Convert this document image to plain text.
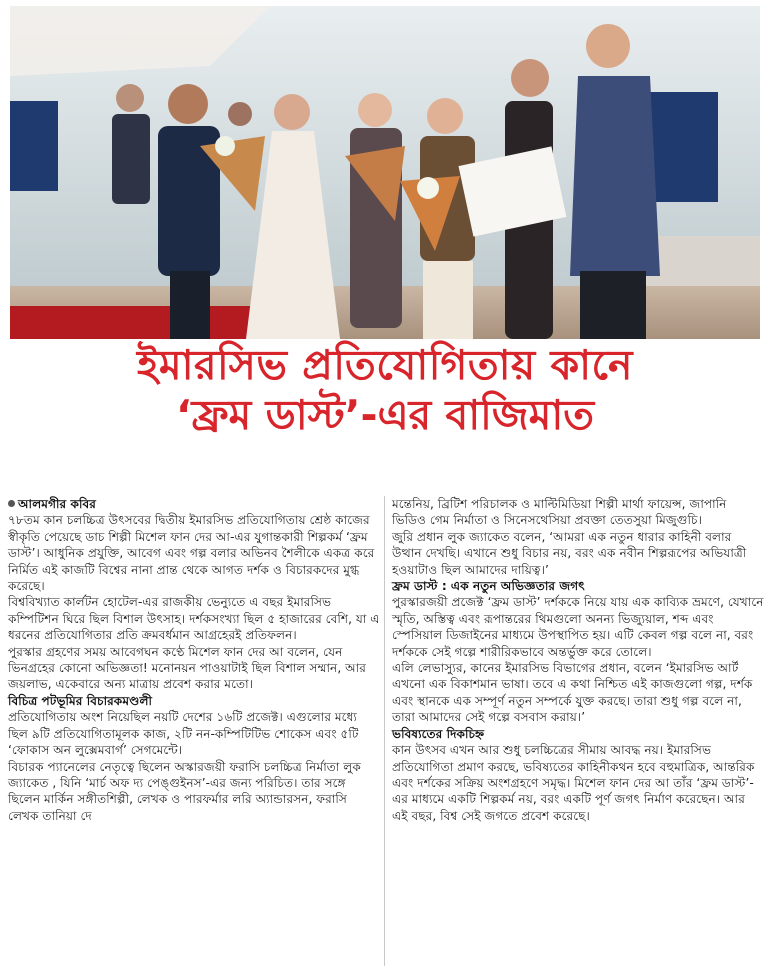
ইমারসিভ প্রতিযোগিতায় কানে
‘ফ্রম ডাস্ট’-এর বাজিমাত

আলমগীর কবির

৭৮তম কান চলচ্চিত্র উৎসবের দ্বিতীয় ইমারসিভ প্রতিযোগিতায় শ্রেষ্ঠ কাজের স্বীকৃতি পেয়েছে ডাচ শিল্পী মিশেল ফান দের আ-এর যুগান্তকারী শিল্পকর্ম ‘ফ্রম ডাস্ট’। আধুনিক প্রযুক্তি, আবেগ এবং গল্প বলার অভিনব শৈলীকে একত্র করে নির্মিত এই কাজটি বিশ্বের নানা প্রান্ত থেকে আগত দর্শক ও বিচারকদের মুগ্ধ করেছে।

বিশ্ববিখ্যাত কার্লটন হোটেল-এর রাজকীয় ভেন্যুতে এ বছর ইমারসিভ কম্পিটিশন ঘিরে ছিল বিশাল উৎসাহ। দর্শকসংখ্যা ছিল ৫ হাজারের বেশি, যা এ ধরনের প্রতিযোগিতার প্রতি ক্রমবর্ধমান আগ্রহেরই প্রতিফলন।

পুরস্কার গ্রহণের সময় আবেগঘন কণ্ঠে মিশেল ফান দের আ বলেন, যেন ভিনগ্রহের কোনো অভিজ্ঞতা! মনোনয়ন পাওয়াটাই ছিল বিশাল সম্মান, আর জয়লাভ, একেবারে অন্য মাত্রায় প্রবেশ করার মতো।

বিচিত্র পটভূমির বিচারকমণ্ডলী

প্রতিযোগিতায় অংশ নিয়েছিল নয়টি দেশের ১৬টি প্রজেক্ট। এগুলোর মধ্যে ছিল ৯টি প্রতিযোগিতামূলক কাজ, ২টি নন-কম্পিটিটিভ শোকেস এবং ৫টি ‘ফোকাস অন লুক্সেমবার্গ’ সেগমেন্টে।

বিচারক প্যানেলের নেতৃত্বে ছিলেন অস্কারজয়ী ফরাসি চলচ্চিত্র নির্মাতা লুক জ্যাকেত , যিনি ‘মার্চ অফ দ্য পেঙ্গুইনস’-এর জন্য পরিচিত। তার সঙ্গে ছিলেন মার্কিন সঙ্গীতশিল্পী, লেখক ও পারফর্মার লরি অ্যান্ডারসন, ফরাসি লেখক তানিয়া দে

মন্তেনিয়, ব্রিটিশ পরিচালক ও মাল্টিমিডিয়া শিল্পী মার্থা ফায়েন্স, জাপানি ভিডিও গেম নির্মাতা ও সিনেসথেসিয়া প্রবক্তা তেতসুয়া মিজুগুচি।

জুরি প্রধান লুক জ্যাকেত বলেন, ‘আমরা এক নতুন ধারার কাহিনী বলার উত্থান দেখছি। এখানে শুধু বিচার নয়, বরং এক নবীন শিল্পরূপের অভিযাত্রী হওয়াটাও ছিল আমাদের দায়িত্ব।’

ফ্রম ডাস্ট : এক নতুন অভিজ্ঞতার জগৎ

পুরস্কারজয়ী প্রজেক্ট ‘ফ্রম ডাস্ট’ দর্শককে নিয়ে যায় এক কাব্যিক ভ্রমণে, যেখানে স্মৃতি, অস্তিত্ব এবং রূপান্তরের থিমগুলো অনন্য ভিজ্যুয়াল, শব্দ এবং স্পেসিয়াল ডিজাইনের মাধ্যমে উপস্থাপিত হয়। এটি কেবল গল্প বলে না, বরং দর্শককে সেই গল্পে শারীরিকভাবে অন্তর্ভুক্ত করে তোলে।

এলি লেভাস্যুর, কানের ইমারসিভ বিভাগের প্রধান, বলেন ‘ইমারসিভ আর্ট এখনো এক বিকাশমান ভাষা। তবে এ কথা নিশ্চিত এই কাজগুলো গল্প, দর্শক এবং স্থানকে এক সম্পূর্ণ নতুন সম্পর্কে যুক্ত করছে। তারা শুধু গল্প বলে না, তারা আমাদের সেই গল্পে বসবাস করায়।’

ভবিষ্যতের দিকচিহ্ন

কান উৎসব এখন আর শুধু চলচ্চিত্রের সীমায় আবদ্ধ নয়। ইমারসিভ প্রতিযোগিতা প্রমাণ করছে, ভবিষ্যতের কাহিনীকথন হবে বহুমাত্রিক, আন্তরিক এবং দর্শকের সক্রিয় অংশগ্রহণে সমৃদ্ধ। মিশেল ফান দের আ তাঁর ‘ফ্রম ডাস্ট’-এর মাধ্যমে একটি শিল্পকর্ম নয়, বরং একটি পূর্ণ জগৎ নির্মাণ করেছেন। আর এই বছর, বিশ্ব সেই জগতে প্রবেশ করেছে।
